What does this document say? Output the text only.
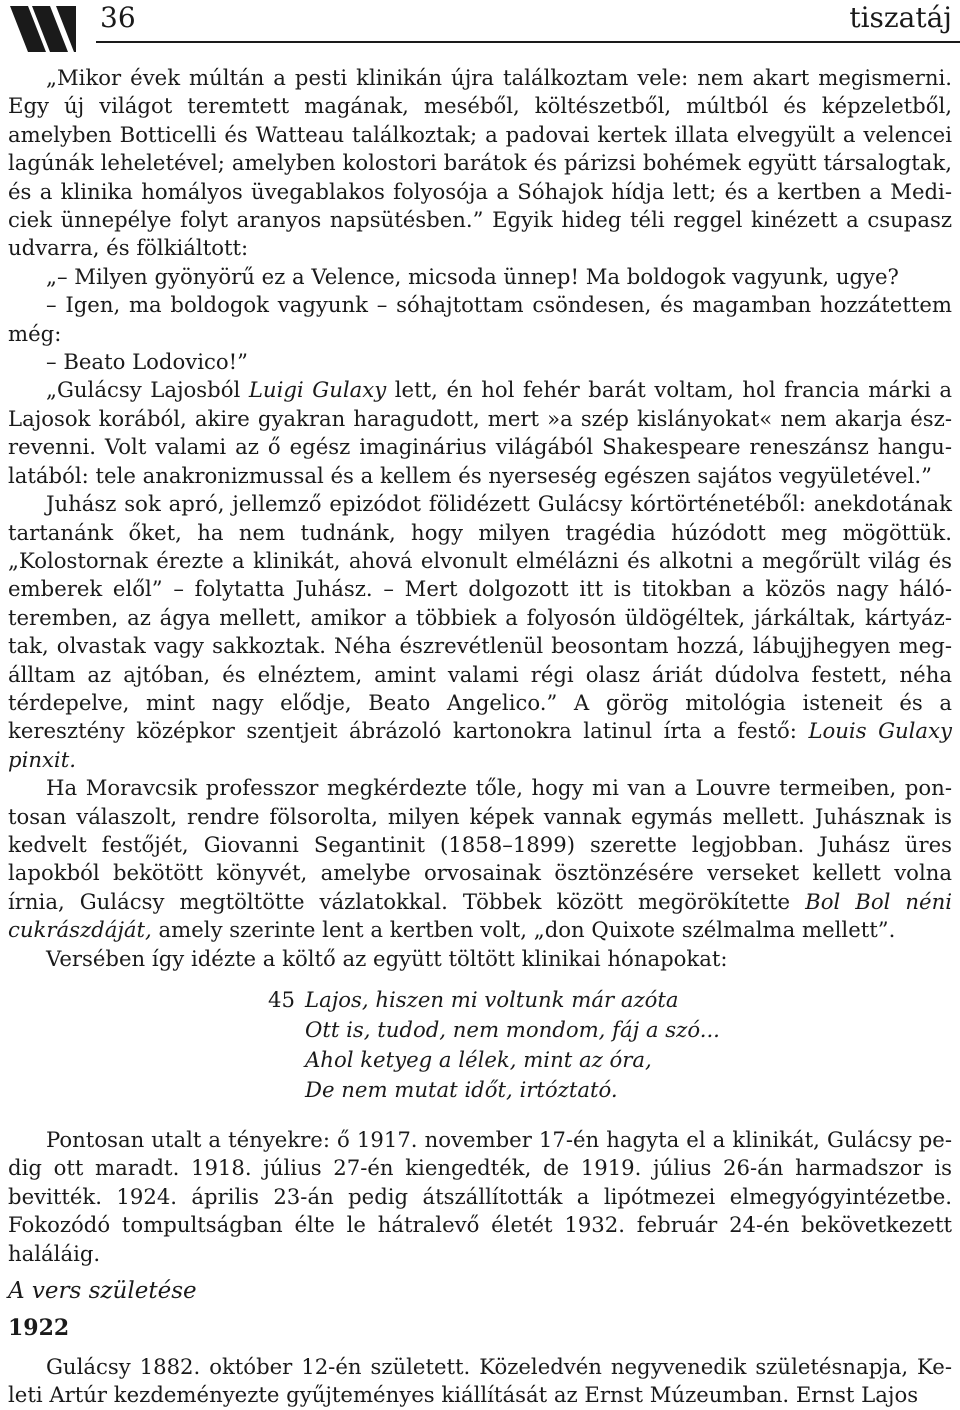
36	tiszatáj

„Mikor évek múltán a pesti klinikán újra találkoztam vele: nem akart megismerni. Egy új világot teremtett magának, meséből, költészetből, múltból és képzeletből, amelyben Botticelli és Watteau találkoztak; a padovai kertek illata elvegyült a velencei lagúnák leheletével; amelyben kolostori barátok és párizsi bohémek együtt társalogtak, és a klinika homályos üvegablakos folyosója a Sóhajok hídja lett; és a kertben a Mediciek ünnepélye folyt aranyos napsütésben.” Egyik hideg téli reggel kinézett a csupasz udvarra, és fölkiáltott:

„– Milyen gyönyörű ez a Velence, micsoda ünnep! Ma boldogok vagyunk, ugye?

– Igen, ma boldogok vagyunk – sóhajtottam csöndesen, és magamban hozzátettem még:

– Beato Lodovico!”

„Gulácsy Lajosból Luigi Gulaxy lett, én hol fehér barát voltam, hol francia márki a Lajosok korából, akire gyakran haragudott, mert »a szép kislányokat« nem akarja észrevenni. Volt valami az ő egész imaginárius világából Shakespeare reneszánsz hangulatából: tele anakronizmussal és a kellem és nyerseség egészen sajátos vegyületével.”

Juhász sok apró, jellemző epizódot fölidézett Gulácsy kórtörténetéből: anekdotának tartanánk őket, ha nem tudnánk, hogy milyen tragédia húzódott meg mögöttük. „Kolostornak érezte a klinikát, ahová elvonult elmélázni és alkotni a megőrült világ és emberek elől” – folytatta Juhász. – Mert dolgozott itt is titokban a közös nagy hálóteremben, az ágya mellett, amikor a többiek a folyosón üldögéltek, járkáltak, kártyáztak, olvastak vagy sakkoztak. Néha észrevétlenül beosontam hozzá, lábujjhegyen megálltam az ajtóban, és elnéztem, amint valami régi olasz áriát dúdolva festett, néha térdepelve, mint nagy elődje, Beato Angelico.” A görög mitológia isteneit és a keresztény középkor szentjeit ábrázoló kartonokra latinul írta a festő: Louis Gulaxy pinxit.

Ha Moravcsik professzor megkérdezte tőle, hogy mi van a Louvre termeiben, pontosan válaszolt, rendre fölsorolta, milyen képek vannak egymás mellett. Juhásznak is kedvelt festőjét, Giovanni Segantinit (1858–1899) szerette legjobban. Juhász üres lapokból bekötött könyvét, amelybe orvosainak ösztönzésére verseket kellett volna írnia, Gulácsy megtöltötte vázlatokkal. Többek között megörökítette Bol Bol néni cukrászdáját, amely szerinte lent a kertben volt, „don Quixote szélmalma mellett”.

Versében így idézte a költő az együtt töltött klinikai hónapokat:

45 Lajos, hiszen mi voltunk már azóta
Ott is, tudod, nem mondom, fáj a szó...
Ahol ketyeg a lélek, mint az óra,
De nem mutat időt, irtóztató.

Pontosan utalt a tényekre: ő 1917. november 17-én hagyta el a klinikát, Gulácsy pedig ott maradt. 1918. július 27-én kiengedték, de 1919. július 26-án harmadszor is bevitték. 1924. április 23-án pedig átszállították a lipótmezei elmegyógyintézetbe. Fokozódó tompultságban élte le hátralevő életét 1932. február 24-én bekövetkezett haláláig.

A vers születése
1922

Gulácsy 1882. október 12-én született. Közeledvén negyvenedik születésnapja, Keleti Artúr kezdeményezte gyűjteményes kiállítását az Ernst Múzeumban. Ernst Lajos
